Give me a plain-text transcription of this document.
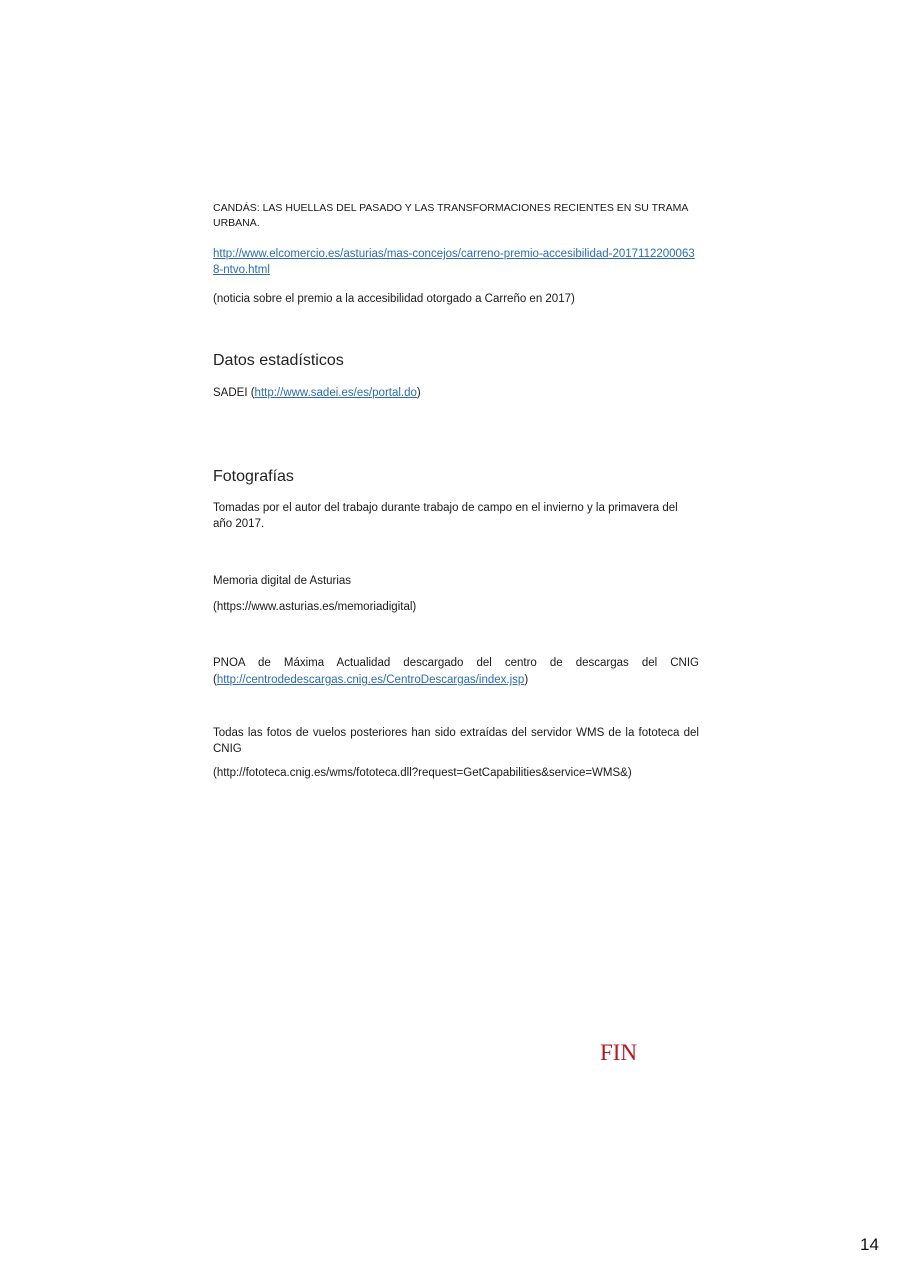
CANDÁS: LAS HUELLAS DEL PASADO Y LAS TRANSFORMACIONES RECIENTES EN SU TRAMA URBANA.
http://www.elcomercio.es/asturias/mas-concejos/carreno-premio-accesibilidad-20171122000638-ntvo.html
(noticia sobre el premio a la accesibilidad otorgado a Carreño en 2017)
Datos estadísticos
SADEI (http://www.sadei.es/es/portal.do)
Fotografías
Tomadas por el autor del trabajo durante trabajo de campo en el invierno y la primavera del año 2017.
Memoria digital de Asturias
(https://www.asturias.es/memoriadigital)
PNOA de Máxima Actualidad descargado del centro de descargas del CNIG
(http://centrodedescargas.cnig.es/CentroDescargas/index.jsp)
Todas las fotos de vuelos posteriores han sido extraídas del servidor WMS de la fototeca del CNIG
(http://fototeca.cnig.es/wms/fototeca.dll?request=GetCapabilities&service=WMS&)
FIN
14
